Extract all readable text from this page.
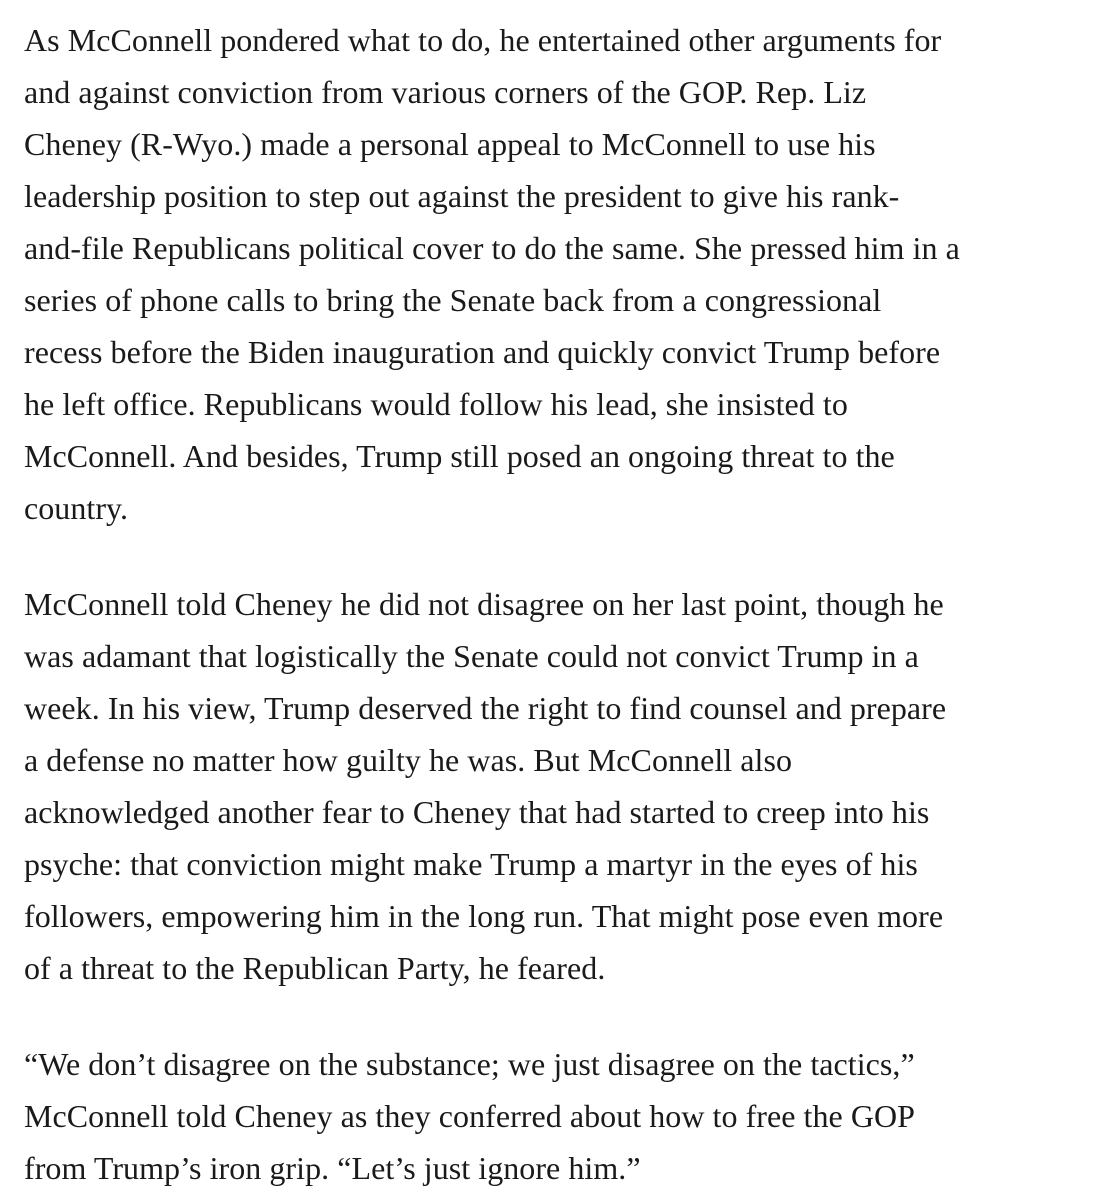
As McConnell pondered what to do, he entertained other arguments for
and against conviction from various corners of the GOP. Rep. Liz
Cheney (R-Wyo.) made a personal appeal to McConnell to use his
leadership position to step out against the president to give his rank-
and-file Republicans political cover to do the same. She pressed him in a
series of phone calls to bring the Senate back from a congressional
recess before the Biden inauguration and quickly convict Trump before
he left office. Republicans would follow his lead, she insisted to
McConnell. And besides, Trump still posed an ongoing threat to the
country.

McConnell told Cheney he did not disagree on her last point, though he
was adamant that logistically the Senate could not convict Trump in a
week. In his view, Trump deserved the right to find counsel and prepare
a defense no matter how guilty he was. But McConnell also
acknowledged another fear to Cheney that had started to creep into his
psyche: that conviction might make Trump a martyr in the eyes of his
followers, empowering him in the long run. That might pose even more
of a threat to the Republican Party, he feared.

“We don’t disagree on the substance; we just disagree on the tactics,”
McConnell told Cheney as they conferred about how to free the GOP
from Trump’s iron grip. “Let’s just ignore him.”
